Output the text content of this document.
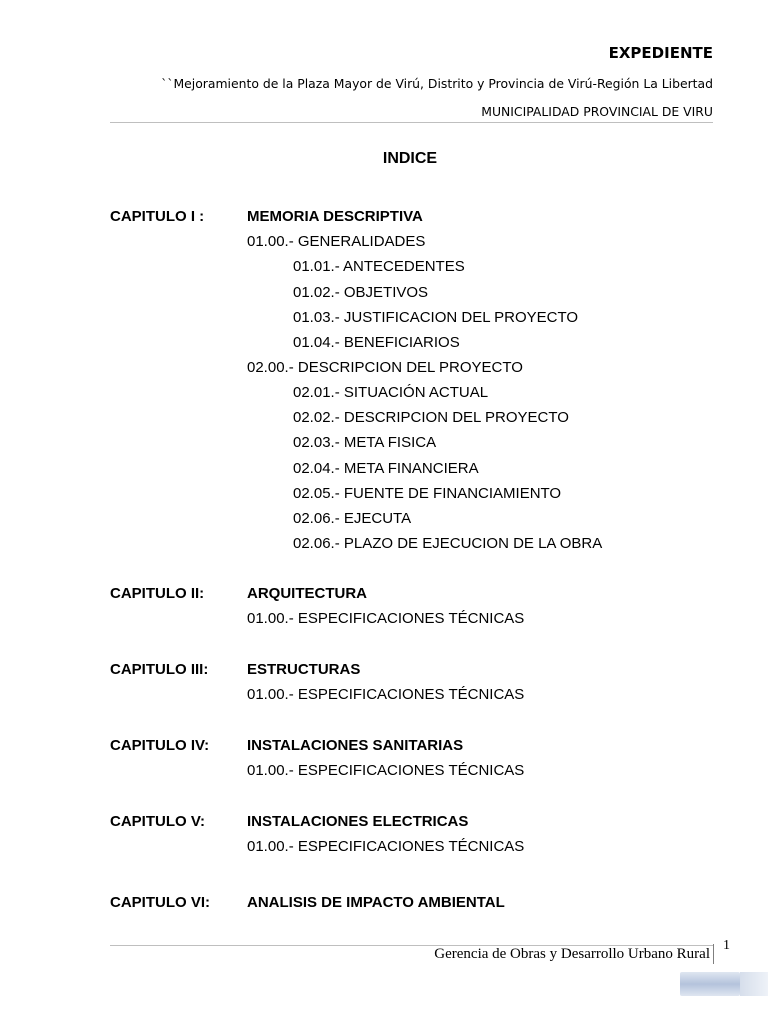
EXPEDIENTE
``Mejoramiento de la Plaza Mayor de Virú, Distrito y Provincia de Virú-Región La Libertad
MUNICIPALIDAD PROVINCIAL DE VIRU
INDICE
CAPITULO I :	MEMORIA DESCRIPTIVA
01.00.- GENERALIDADES
01.01.- ANTECEDENTES
01.02.- OBJETIVOS
01.03.- JUSTIFICACION DEL PROYECTO
01.04.- BENEFICIARIOS
02.00.- DESCRIPCION DEL PROYECTO
02.01.- SITUACIÓN ACTUAL
02.02.- DESCRIPCION DEL PROYECTO
02.03.- META FISICA
02.04.- META FINANCIERA
02.05.- FUENTE DE FINANCIAMIENTO
02.06.- EJECUTA
02.06.- PLAZO DE EJECUCION DE LA OBRA
CAPITULO II:	ARQUITECTURA
01.00.- ESPECIFICACIONES TÉCNICAS
CAPITULO III:	ESTRUCTURAS
01.00.- ESPECIFICACIONES TÉCNICAS
CAPITULO IV:	INSTALACIONES SANITARIAS
01.00.- ESPECIFICACIONES TÉCNICAS
CAPITULO V:	INSTALACIONES ELECTRICAS
01.00.- ESPECIFICACIONES TÉCNICAS
CAPITULO VI: ANALISIS DE IMPACTO AMBIENTAL
Gerencia de Obras y Desarrollo Urbano Rural
1
